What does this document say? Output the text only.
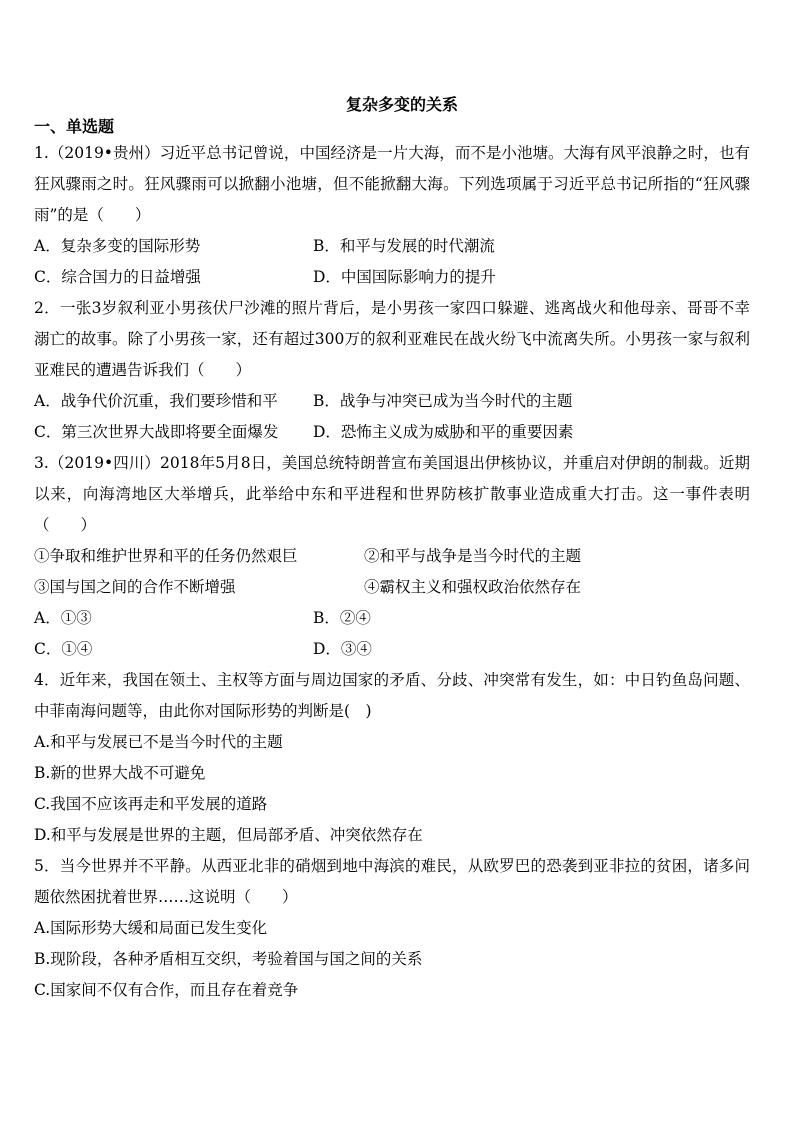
复杂多变的关系

一、单选题

1.（2019•贵州）习近平总书记曾说，中国经济是一片大海，而不是小池塘。大海有风平浪静之时，也有狂风骤雨之时。狂风骤雨可以掀翻小池塘，但不能掀翻大海。下列选项属于习近平总书记所指的“狂风骤雨”的是（　　）

A．复杂多变的国际形势	B．和平与发展的时代潮流
C．综合国力的日益增强	D．中国国际影响力的提升

2．一张3岁叙利亚小男孩伏尸沙滩的照片背后，是小男孩一家四口躲避、逃离战火和他母亲、哥哥不幸溺亡的故事。除了小男孩一家，还有超过300万的叙利亚难民在战火纷飞中流离失所。小男孩一家与叙利亚难民的遭遇告诉我们（　　）

A．战争代价沉重，我们要珍惜和平	B．战争与冲突已成为当今时代的主题
C．第三次世界大战即将要全面爆发	D．恐怖主义成为威胁和平的重要因素

3.（2019•四川）2018年5月8日，美国总统特朗普宣布美国退出伊核协议，并重启对伊朗的制裁。近期以来，向海湾地区大举增兵，此举给中东和平进程和世界防核扩散事业造成重大打击。这一事件表明（　　）

①争取和维护世界和平的任务仍然艰巨	②和平与战争是当今时代的主题
③国与国之间的合作不断增强	④霸权主义和强权政治依然存在
A．①③	B．②④
C．①④	D．③④

4．近年来，我国在领土、主权等方面与周边国家的矛盾、分歧、冲突常有发生，如：中日钓鱼岛问题、中菲南海问题等，由此你对国际形势的判断是(　)

A.和平与发展已不是当今时代的主题

B.新的世界大战不可避免

C.我国不应该再走和平发展的道路

D.和平与发展是世界的主题，但局部矛盾、冲突依然存在

5．当今世界并不平静。从西亚北非的硝烟到地中海滨的难民，从欧罗巴的恐袭到亚非拉的贫困，诸多问题依然困扰着世界……这说明（　　）

A.国际形势大缓和局面已发生变化

B.现阶段，各种矛盾相互交织，考验着国与国之间的关系

C.国家间不仅有合作，而且存在着竞争
